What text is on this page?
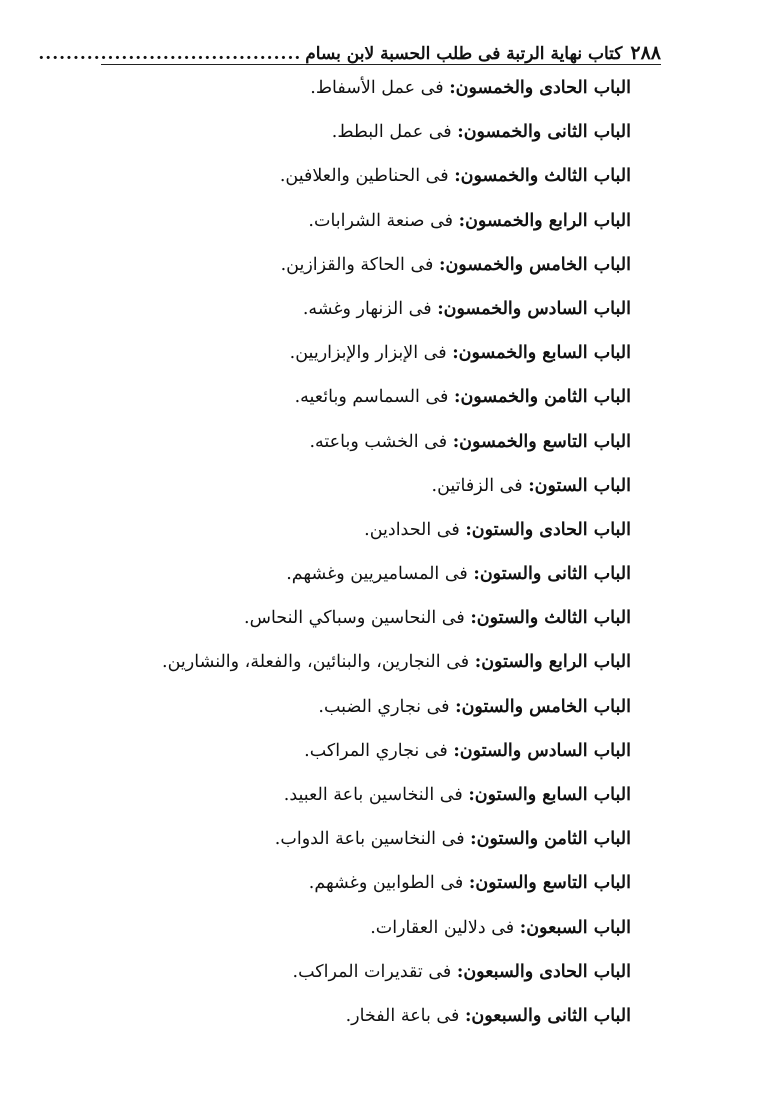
٢٨٨
كتاب نهاية الرتبة فى طلب الحسبة لابن بسام
......................................
الباب الحادى والخمسون: فى عمل الأسفاط.
الباب الثانى والخمسون: فى عمل البطط.
الباب الثالث والخمسون: فى الحناطين والعلافين.
الباب الرابع والخمسون: فى صنعة الشرابات.
الباب الخامس والخمسون: فى الحاكة والقزازين.
الباب السادس والخمسون: فى الزنهار وغشه.
الباب السابع والخمسون: فى الإبزار والإبزاريين.
الباب الثامن والخمسون: فى السماسم وبائعيه.
الباب التاسع والخمسون: فى الخشب وباعته.
الباب الستون: فى الزفاتين.
الباب الحادى والستون: فى الحدادين.
الباب الثانى والستون: فى المساميريين وغشهم.
الباب الثالث والستون: فى النحاسين وسباكي النحاس.
الباب الرابع والستون: فى النجارين، والبنائين، والفعلة، والنشارين.
الباب الخامس والستون: فى نجاري الضبب.
الباب السادس والستون: فى نجاري المراكب.
الباب السابع والستون: فى النخاسين باعة العبيد.
الباب الثامن والستون: فى النخاسين باعة الدواب.
الباب التاسع والستون: فى الطوابين وغشهم.
الباب السبعون: فى دلالين العقارات.
الباب الحادى والسبعون: فى تقديرات المراكب.
الباب الثانى والسبعون: فى باعة الفخار.
